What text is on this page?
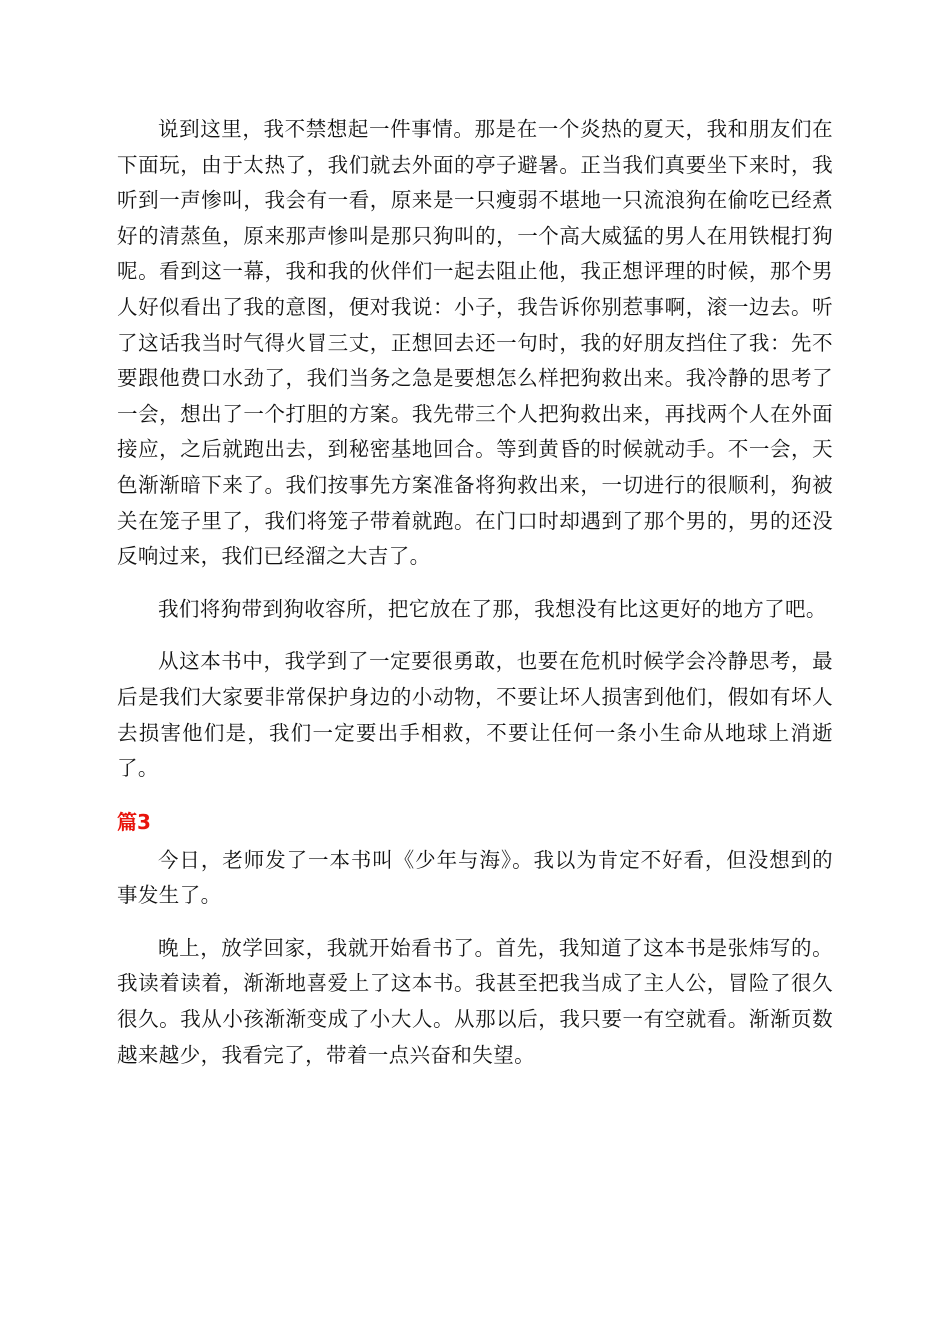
说到这里，我不禁想起一件事情。那是在一个炎热的夏天，我和朋友们在下面玩，由于太热了，我们就去外面的亭子避暑。正当我们真要坐下来时，我听到一声惨叫，我会有一看，原来是一只瘦弱不堪地一只流浪狗在偷吃已经煮好的清蒸鱼，原来那声惨叫是那只狗叫的，一个高大威猛的男人在用铁棍打狗呢。看到这一幕，我和我的伙伴们一起去阻止他，我正想评理的时候，那个男人好似看出了我的意图，便对我说：小子，我告诉你别惹事啊，滚一边去。听了这话我当时气得火冒三丈，正想回去还一句时，我的好朋友挡住了我：先不要跟他费口水劲了，我们当务之急是要想怎么样把狗救出来。我冷静的思考了一会，想出了一个打胆的方案。我先带三个人把狗救出来，再找两个人在外面接应，之后就跑出去，到秘密基地回合。等到黄昏的时候就动手。不一会，天色渐渐暗下来了。我们按事先方案准备将狗救出来，一切进行的很顺利，狗被关在笼子里了，我们将笼子带着就跑。在门口时却遇到了那个男的，男的还没反响过来，我们已经溜之大吉了。

我们将狗带到狗收容所，把它放在了那，我想没有比这更好的地方了吧。

从这本书中，我学到了一定要很勇敢，也要在危机时候学会冷静思考，最后是我们大家要非常保护身边的小动物，不要让坏人损害到他们，假如有坏人去损害他们是，我们一定要出手相救，不要让任何一条小生命从地球上消逝了。

篇3

今日，老师发了一本书叫《少年与海》。我以为肯定不好看，但没想到的事发生了。

晚上，放学回家，我就开始看书了。首先，我知道了这本书是张炜写的。我读着读着，渐渐地喜爱上了这本书。我甚至把我当成了主人公，冒险了很久很久。我从小孩渐渐变成了小大人。从那以后，我只要一有空就看。渐渐页数越来越少，我看完了，带着一点兴奋和失望。
